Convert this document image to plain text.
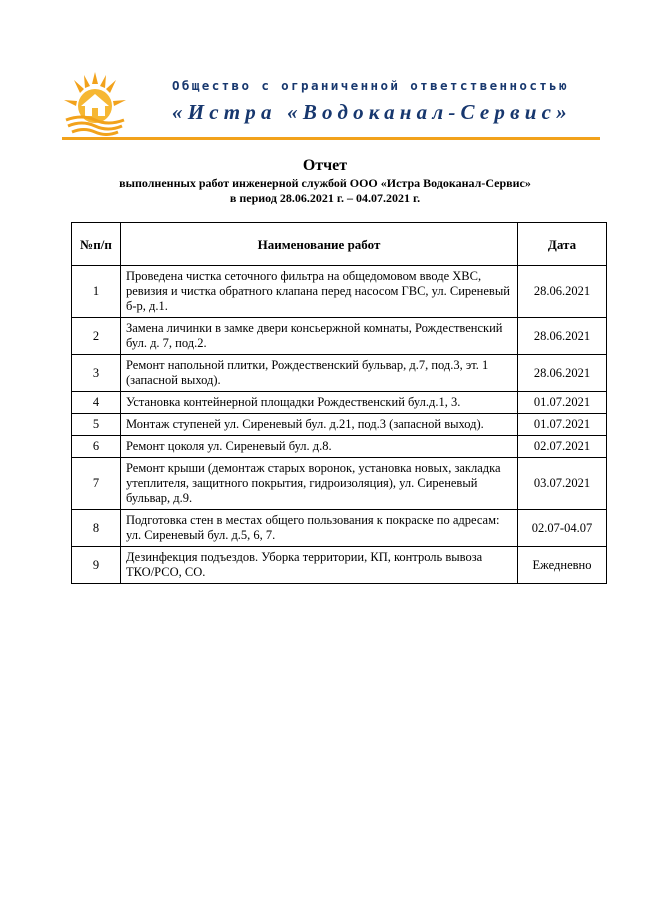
Общество с ограниченной ответственностью
«Истра «Водоканал-Сервис»
Отчет
выполненных работ инженерной службой ООО «Истра Водоканал-Сервис»
в период 28.06.2021 г. – 04.07.2021 г.
№п/п	Наименование работ	Дата
1	Проведена чистка сеточного фильтра на общедомовом вводе ХВС, ревизия и чистка обратного клапана перед насосом ГВС, ул. Сиреневый б-р, д.1.	28.06.2021
2	Замена личинки в замке двери консьержной комнаты, Рождественский бул. д. 7, под.2.	28.06.2021
3	Ремонт напольной плитки, Рождественский бульвар, д.7, под.3, эт. 1 (запасной выход).	28.06.2021
4	Установка контейнерной площадки Рождественский бул.д.1, 3.	01.07.2021
5	Монтаж ступеней ул. Сиреневый бул. д.21, под.3 (запасной выход).	01.07.2021
6	Ремонт цоколя ул. Сиреневый бул. д.8.	02.07.2021
7	Ремонт крыши (демонтаж старых воронок, установка новых, закладка утеплителя, защитного покрытия, гидроизоляция), ул. Сиреневый бульвар, д.9.	03.07.2021
8	Подготовка стен в местах общего пользования к покраске по адресам: ул. Сиреневый бул. д.5, 6, 7.	02.07-04.07
9	Дезинфекция подъездов. Уборка территории, КП, контроль вывоза ТКО/РСО, СО.	Ежедневно
